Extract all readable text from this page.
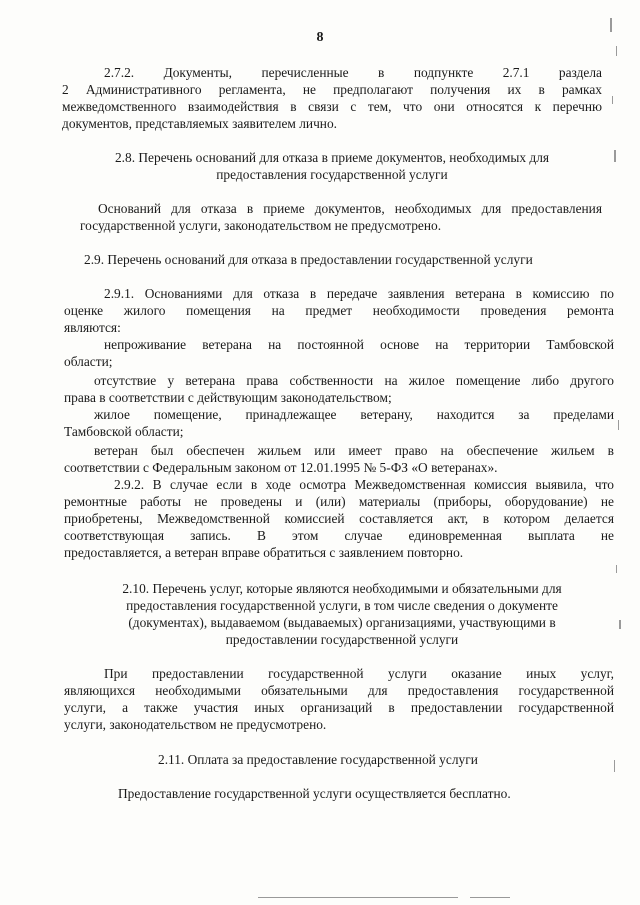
8
2.7.2. Документы, перечисленные в подпункте 2.7.1 раздела
2 Административного регламента, не предполагают получения их в рамках
межведомственного взаимодействия в связи с тем, что они относятся к перечню
документов, представляемых заявителем лично.
2.8. Перечень оснований для отказа в приеме документов, необходимых для
предоставления государственной услуги
Оснований для отказа в приеме документов, необходимых для предоставления
государственной услуги, законодательством не предусмотрено.
2.9. Перечень оснований для отказа в предоставлении государственной услуги
2.9.1. Основаниями для отказа в передаче заявления ветерана в комиссию по
оценке жилого помещения на предмет необходимости проведения ремонта
являются:
непроживание ветерана на постоянной основе на территории Тамбовской
области;
отсутствие у ветерана права собственности на жилое помещение либо другого
права в соответствии с действующим законодательством;
жилое помещение, принадлежащее ветерану, находится за пределами
Тамбовской области;
ветеран был обеспечен жильем или имеет право на обеспечение жильем в
соответствии с Федеральным законом от 12.01.1995 № 5-ФЗ «О ветеранах».
2.9.2. В случае если в ходе осмотра Межведомственная комиссия выявила, что
ремонтные работы не проведены и (или) материалы (приборы, оборудование) не
приобретены, Межведомственной комиссией составляется акт, в котором делается
соответствующая запись. В этом случае единовременная выплата не
предоставляется, а ветеран вправе обратиться с заявлением повторно.
2.10. Перечень услуг, которые являются необходимыми и обязательными для
предоставления государственной услуги, в том числе сведения о документе
(документах), выдаваемом (выдаваемых) организациями, участвующими в
предоставлении государственной услуги
При предоставлении государственной услуги оказание иных услуг,
являющихся необходимыми обязательными для предоставления государственной
услуги, а также участия иных организаций в предоставлении государственной
услуги, законодательством не предусмотрено.
2.11. Оплата за предоставление государственной услуги
Предоставление государственной услуги осуществляется бесплатно.
